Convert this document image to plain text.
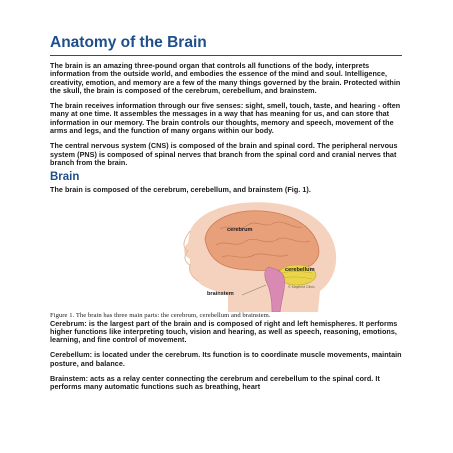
Anatomy of the Brain

The brain is an amazing three-pound organ that controls all functions of the body, interprets information from the outside world, and embodies the essence of the mind and soul. Intelligence, creativity, emotion, and memory are a few of the many things governed by the brain. Protected within the skull, the brain is composed of the cerebrum, cerebellum, and brainstem.

The brain receives information through our five senses: sight, smell, touch, taste, and hearing - often many at one time. It assembles the messages in a way that has meaning for us, and can store that information in our memory. The brain controls our thoughts, memory and speech, movement of the arms and legs, and the function of many organs within our body.

The central nervous system (CNS) is composed of the brain and spinal cord. The peripheral nervous system (PNS) is composed of spinal nerves that branch from the spinal cord and cranial nerves that branch from the brain.

Brain

The brain is composed of the cerebrum, cerebellum, and brainstem (Fig. 1).

cerebrum
cerebellum
brainstem
© Mayfield Clinic

Figure 1. The brain has three main parts: the cerebrum, cerebellum and brainstem.

Cerebrum: is the largest part of the brain and is composed of right and left hemispheres. It performs higher functions like interpreting touch, vision and hearing, as well as speech, reasoning, emotions, learning, and fine control of movement.

Cerebellum: is located under the cerebrum. Its function is to coordinate muscle movements, maintain posture, and balance.

Brainstem: acts as a relay center connecting the cerebrum and cerebellum to the spinal cord. It performs many automatic functions such as breathing, heart
